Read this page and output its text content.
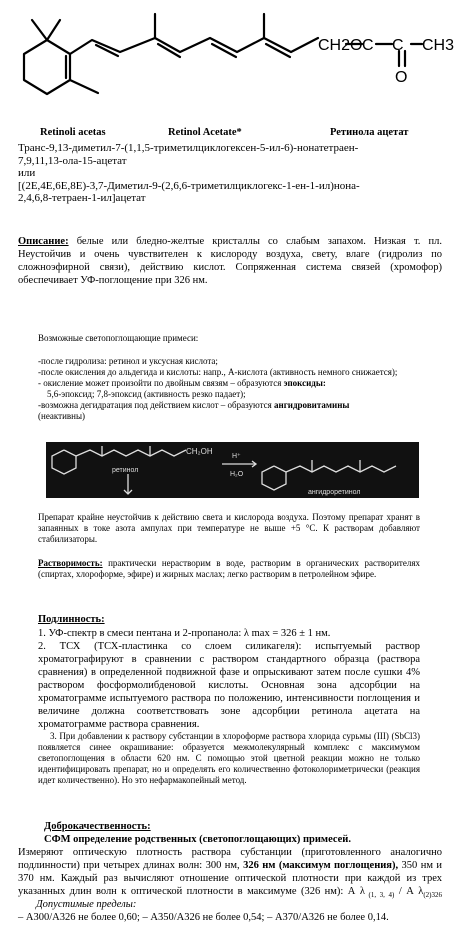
CH2O C C CH3
O
Retinoli acetas	Retinol Acetate*	Ретинола ацетат
Транс-9,13-диметил-7-(1,1,5-триметилциклогексен-5-ил-6)-нонатетраен-
7,9,11,13-ола-15-ацетат
или
[(2E,4E,6E,8E)-3,7-Диметил-9-(2,6,6-триметилциклогекс-1-ен-1-ил)нона-
2,4,6,8-тетраен-1-ил]ацетат

Описание: белые или бледно-желтые кристаллы со слабым запахом. Низкая т. пл. Неустойчив и очень чувствителен к кислороду воздуха, свету, влаге (гидролиз по сложноэфирной связи), действию кислот. Сопряженная система связей (хромофор) обеспечивает УФ-поглощение при 326 нм.

Возможные светопоглощающие примеси:
-после гидролиза: ретинол и уксусная кислота;
-после окисления до альдегида и кислоты: напр., А-кислота (активность немного снижается);
- окисление может произойти по двойным связям – образуются эпоксиды:
5,6-эпоксид; 7,8-эпоксид (активность резко падает);
-возможна дегидратация под действием кислот – образуются ангидровитамины
(неактивны)
CH₂OH
ретинол
H⁺
H₂O
ангидроретинол

Препарат крайне неустойчив к действию света и кислорода воздуха. Поэтому препарат хранят в запаянных в токе азота ампулах при температуре не выше +5 °С. К растворам добавляют стабилизаторы.

Растворимость: практически нерастворим в воде, растворим в органических растворителях (спиртах, хлороформе, эфире) и жирных маслах; легко растворим в петролейном эфире.

Подлинность:
1. УФ-спектр в смеси пентана и 2-пропанола: λ max = 326 ± 1 нм.
2. ТСХ (ТСХ-пластинка со слоем силикагеля): испытуемый раствор хроматографируют в сравнении с раствором стандартного образца (раствора сравнения) в определенной подвижной фазе и опрыскивают затем после сушки 4% раствором фосформолибденовой кислоты. Основная зона адсорбции на хроматограмме испытуемого раствора по положению, интенсивности поглощения и величине должна соответствовать зоне адсорбции ретинола ацетата на хроматограмме раствора сравнения.
3. При добавлении к раствору субстанции в хлороформе раствора хлорида сурьмы (III) (SbCl3) появляется синее окрашивание: образуется межмолекулярный комплекс с максимумом светопоглощения в области 620 нм. С помощью этой цветной реакции можно не только идентифицировать препарат, но и определять его количественно фотоколориметрически (реакция идет количественно). Но это нефармакопейный метод.
Доброкачественность:
СФМ определение родственных (светопоглощающих) примесей.

Измеряют оптическую плотность раствора субстанции (приготовленного аналогично подлинности) при четырех длинах волн: 300 нм, 326 нм (максимум поглощения), 350 нм и 370 нм. Каждый раз вычисляют отношение оптической плотности при каждой из трех указанных длин волн к оптической плотности в максимуме (326 нм): А λ $_{(1, 3, 4)}$ / А $\lambda_{(2)326}$ Допустимые пределы:

– А300/А326 не более 0,60; – А350/А326 не более 0,54; – А370/А326 не более 0,14.
